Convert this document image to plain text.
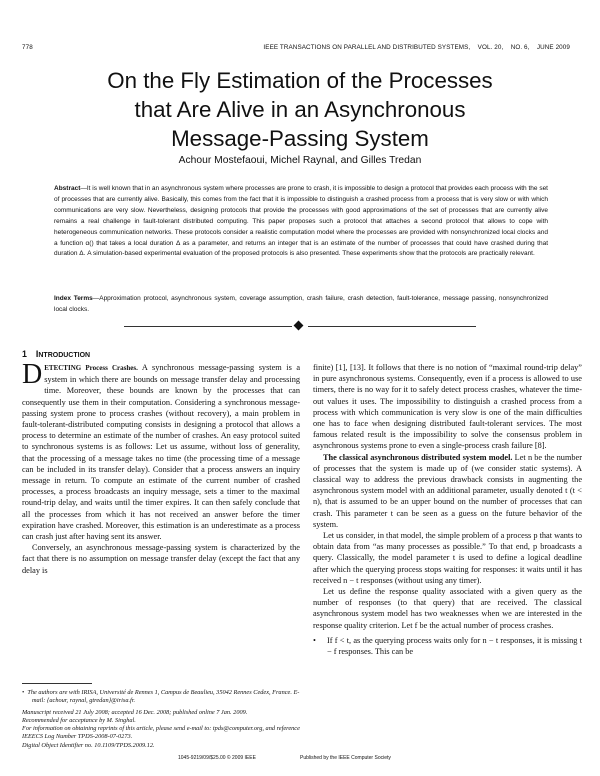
778	IEEE TRANSACTIONS ON PARALLEL AND DISTRIBUTED SYSTEMS,    VOL. 20,    NO. 6,    JUNE 2009
On the Fly Estimation of the Processes
that Are Alive in an Asynchronous
Message-Passing System
Achour Mostefaoui, Michel Raynal, and Gilles Tredan

Abstract—It is well known that in an asynchronous system where processes are prone to crash, it is impossible to design a protocol that provides each process with the set of processes that are currently alive. Basically, this comes from the fact that it is impossible to distinguish a crashed process from a process that is very slow or with which communications are very slow. Nevertheless, designing protocols that provide the processes with good approximations of the set of processes that are currently alive remains a real challenge in fault-tolerant distributed computing. This paper proposes such a protocol that attaches a second protocol that allows to cope with heterogeneous communication networks. These protocols consider a realistic computation model where the processes are provided with nonsynchronized local clocks and a function α() that takes a local duration Δ as a parameter, and returns an integer that is an estimate of the number of processes that could have crashed during that duration Δ. A simulation-based experimental evaluation of the proposed protocols is also presented. These experiments show that the protocols are practically relevant.

Index Terms—Approximation protocol, asynchronous system, coverage assumption, crash failure, crash detection, fault-tolerance, message passing, nonsynchronized local clocks.

1 INTRODUCTION

DETECTING Process Crashes. A synchronous message-passing system is a system in which there are bounds on message transfer delay and processing time. Moreover, these bounds are known by the processes that can consequently use them in their computation. Considering a synchronous message-passing system prone to process crashes (without recovery), a main problem in fault-tolerant-distributed computing consists in designing a protocol that allows a process to determine an estimate of the number of crashes. An easy protocol suited to synchronous systems is as follows: Let us assume, without loss of generality, that the processing of a message takes no time (the processing time of a message can be included in its transfer delay). Consider that a process answers an inquiry message in return. To compute an estimate of the current number of crashed processes, a process broadcasts an inquiry message, sets a timer to the maximal round-trip delay, and waits until the timer expires. It can then safely conclude that all the processes from which it has not received an answer before the timer expiration have crashed. Moreover, this estimation is an underestimate as a process can crash just after having sent its answer.

Conversely, an asynchronous message-passing system is characterized by the fact that there is no assumption on message transfer delay (except the fact that any delay is

finite) [1], [13]. It follows that there is no notion of “maximal round-trip delay” in pure asynchronous systems. Consequently, even if a process is allowed to use timers, there is no way for it to safely detect process crashes, whatever the time-out values it uses. The impossibility to distinguish a crashed process from a process with which communication is very slow is one of the main difficulties one has to face when designing distributed fault-tolerant services. The most famous related result is the impossibility to solve the consensus problem in asynchronous systems prone to even a single-process crash failure [8].

The classical asynchronous distributed system model. Let n be the number of processes that the system is made up of (we consider static systems). A classical way to address the previous drawback consists in augmenting the asynchronous system model with an additional parameter, usually denoted t (t < n), that is assumed to be an upper bound on the number of processes that can crash. This parameter t can be seen as a guess on the future behavior of the system.

Let us consider, in that model, the simple problem of a process p that wants to obtain data from “as many processes as possible.” To that end, p broadcasts a query. Classically, the model parameter t is used to define a logical deadline after which the querying process stops waiting for responses: it waits until it has received n − t responses (without using any timer).

Let us define the response quality associated with a given query as the number of responses (to that query) that are received. The classical asynchronous system model has two weaknesses when we are interested in the response quality criterion. Let f be the actual number of process crashes.

• If f < t, as the querying process waits only for n − t responses, it is missing t − f responses. This can be
•  The authors are with IRISA, Université de Rennes 1, Campus de Beaulieu, 35042 Rennes Cedex, France. E-mail: {achour, raynal, gtredan}@irisa.fr.
Manuscript received 21 July 2008; accepted 16 Dec. 2008; published online 7 Jan. 2009.
Recommended for acceptance by M. Singhal.
For information on obtaining reprints of this article, please send e-mail to: tpds@computer.org, and reference IEEECS Log Number TPDS-2008-07-0273.
Digital Object Identifier no. 10.1109/TPDS.2009.12.
1045-9219/09/$25.00 © 2009 IEEE	Published by the IEEE Computer Society
